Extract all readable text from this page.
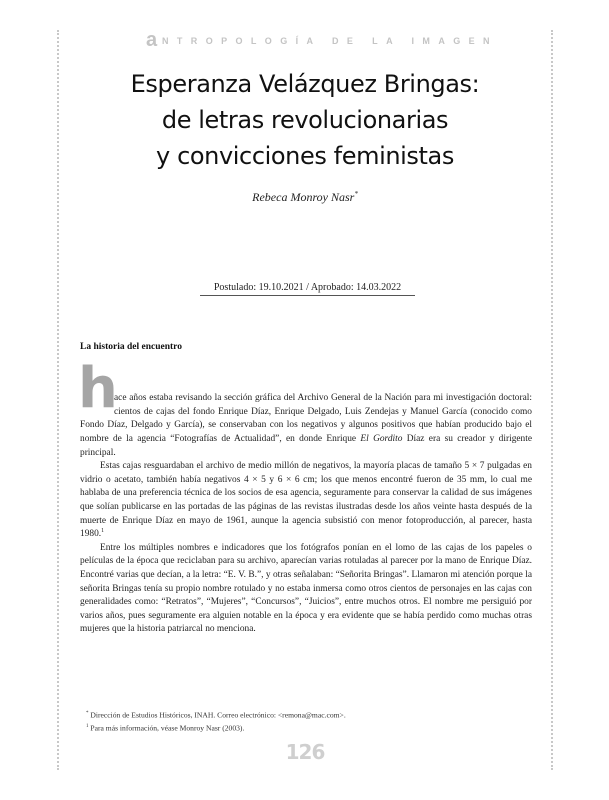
a NTROPOLOGÍA DE LA IMAGEN
Esperanza Velázquez Bringas:
de letras revolucionarias
y convicciones feministas
Rebeca Monroy Nasr*
Postulado: 19.10.2021 / Aprobado: 14.03.2022
La historia del encuentro

h

ace años estaba revisando la sección gráfica del Archivo General de la Nación para mi investigación doctoral: cientos de cajas del fondo Enrique Díaz, Enrique Delgado, Luis Zendejas y Manuel García (conocido como Fondo Díaz, Delgado y García), se conservaban con los negativos y algunos positivos que habían producido bajo el nombre de la agencia “Fotografías de Actualidad”, en donde Enrique El Gordito Díaz era su creador y dirigente principal.

Estas cajas resguardaban el archivo de medio millón de negativos, la mayoría placas de tamaño 5 × 7 pulgadas en vidrio o acetato, también había negativos 4 × 5 y 6 × 6 cm; los que menos encontré fueron de 35 mm, lo cual me hablaba de una preferencia técnica de los socios de esa agencia, seguramente para conservar la calidad de sus imágenes que solían publicarse en las portadas de las páginas de las revistas ilustradas desde los años veinte hasta después de la muerte de Enrique Díaz en mayo de 1961, aunque la agencia subsistió con menor fotoproducción, al parecer, hasta 1980.$^1$

Entre los múltiples nombres e indicadores que los fotógrafos ponían en el lomo de las cajas de los papeles o películas de la época que reciclaban para su archivo, aparecían varias rotuladas al parecer por la mano de Enrique Díaz. Encontré varias que decían, a la letra: “E. V. B.”, y otras señalaban: “Señorita Bringas”. Llamaron mi atención porque la señorita Bringas tenía su propio nombre rotulado y no estaba inmersa como otros cientos de personajes en las cajas con generalidades como: “Retratos”, “Mujeres”, “Concursos”, “Juicios”, entre muchos otros. El nombre me persiguió por varios años, pues seguramente era alguien notable en la época y era evidente que se había perdido como muchas otras mujeres que la historia patriarcal no menciona.

* Dirección de Estudios Históricos, INAH. Correo electrónico: <remona@mac.com>.

$^1$ Para más información, véase Monroy Nasr (2003).

126
